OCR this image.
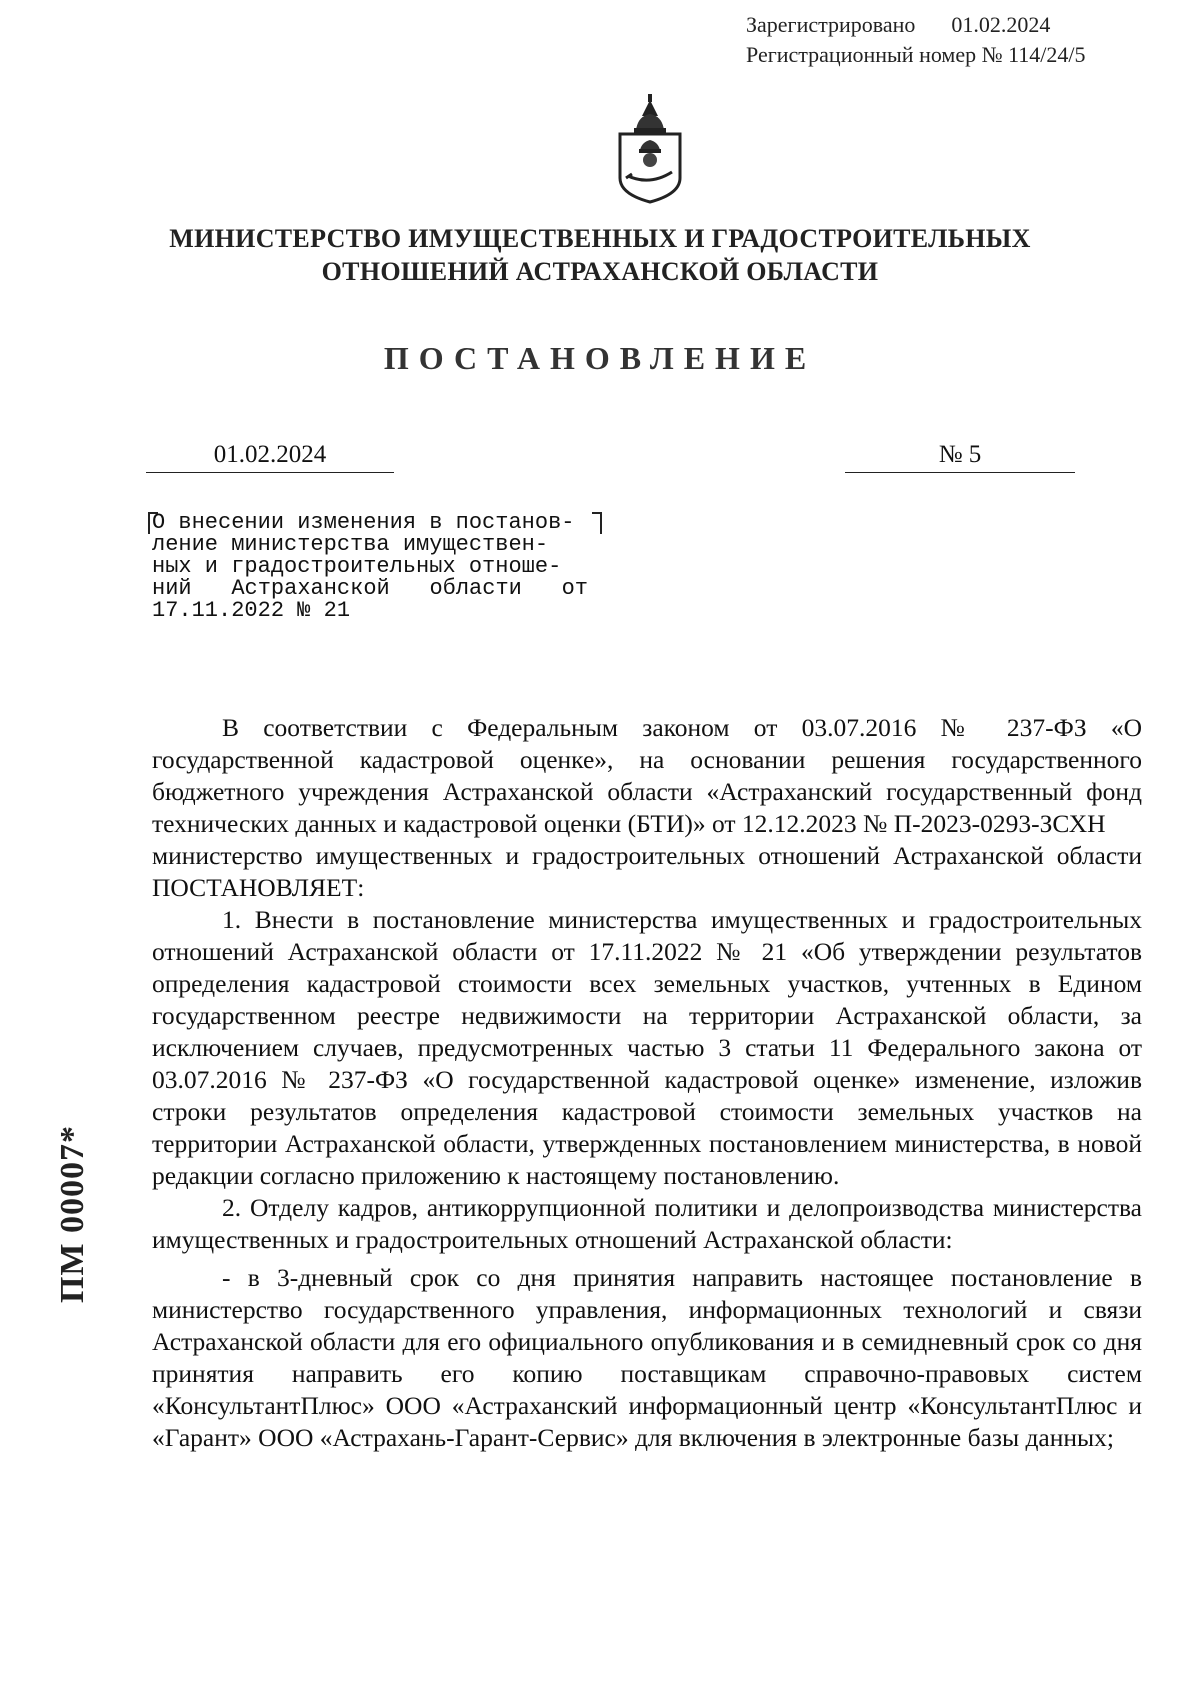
Зарегистрировано 01.02.2024
Регистрационный номер № 114/24/5
МИНИСТЕРСТВО ИМУЩЕСТВЕННЫХ И ГРАДОСТРОИТЕЛЬНЫХ
ОТНОШЕНИЙ АСТРАХАНСКОЙ ОБЛАСТИ
ПОСТАНОВЛЕНИЕ
01.02.2024	№ 5
О внесении изменения в постанов-
ление министерства имуществен-
ных и градостроительных отноше-
ний Астраханской области от
17.11.2022 № 21

В соответствии с Федеральным законом от 03.07.2016 № 237-ФЗ «О государственной кадастровой оценке», на основании решения государственного бюджетного учреждения Астраханской области «Астраханский государственный фонд технических данных и кадастровой оценки (БТИ)» от 12.12.2023 № П-2023-0293-ЗСХН

министерство имущественных и градостроительных отношений Астраханской области ПОСТАНОВЛЯЕТ:

1. Внести в постановление министерства имущественных и градостроительных отношений Астраханской области от 17.11.2022 № 21 «Об утверждении результатов определения кадастровой стоимости всех земельных участков, учтенных в Едином государственном реестре недвижимости на территории Астраханской области, за исключением случаев, предусмотренных частью 3 статьи 11 Федерального закона от 03.07.2016 № 237-ФЗ «О государственной кадастровой оценке» изменение, изложив строки результатов определения кадастровой стоимости земельных участков на территории Астраханской области, утвержденных постановлением министерства, в новой редакции согласно приложению к настоящему постановлению.

2. Отделу кадров, антикоррупционной политики и делопроизводства министерства имущественных и градостроительных отношений Астраханской области:

- в 3-дневный срок со дня принятия направить настоящее постановление в министерство государственного управления, информационных технологий и связи Астраханской области для его официального опубликования и в семидневный срок со дня принятия направить его копию поставщикам справочно-правовых систем «КонсультантПлюс» ООО «Астраханский информационный центр «КонсультантПлюс и «Гарант» ООО «Астрахань-Гарант-Сервис» для включения в электронные базы данных;

ПМ 00007*
